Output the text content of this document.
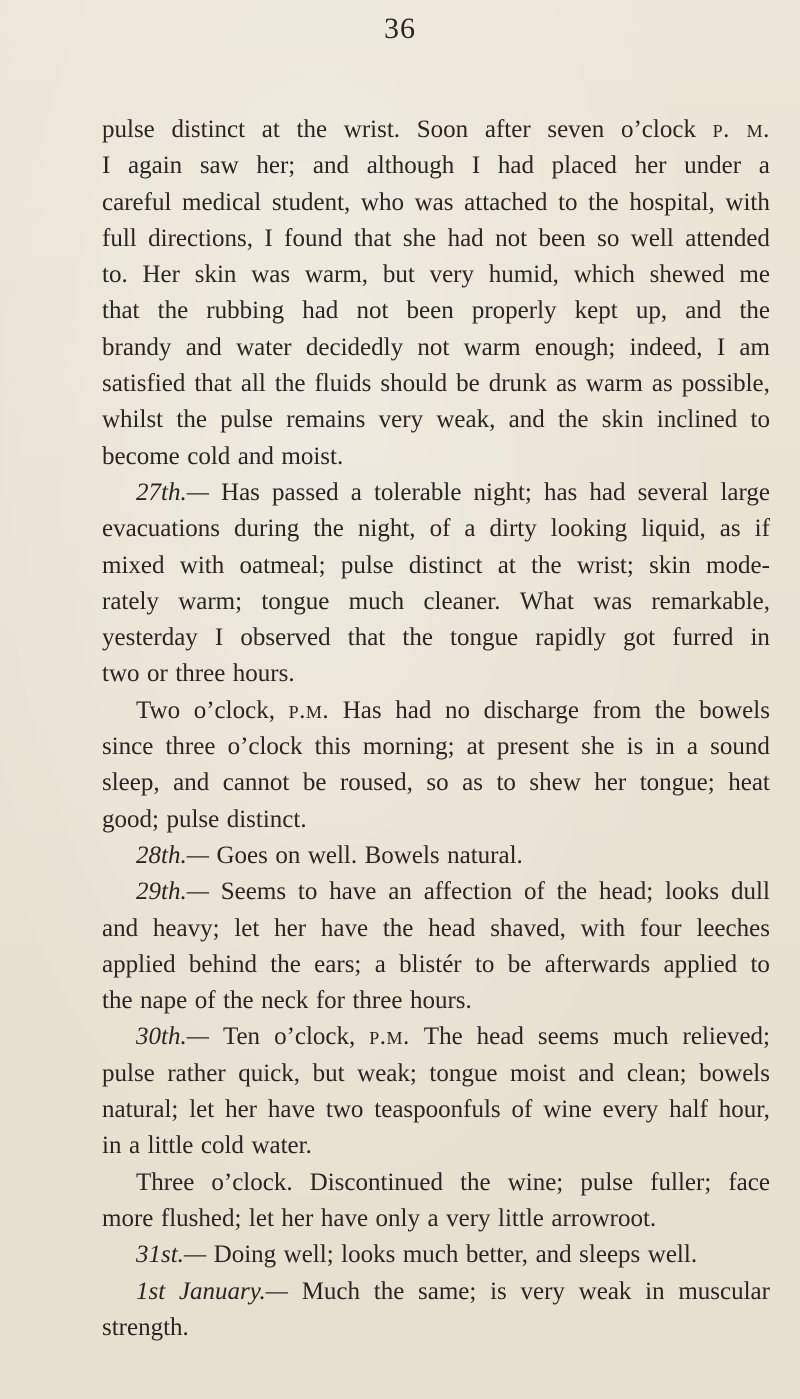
36
pulse distinct at the wrist. Soon after seven o’clock p. m.
I again saw her; and although I had placed her under a
careful medical student, who was attached to the hospital, with
full directions, I found that she had not been so well attended
to. Her skin was warm, but very humid, which shewed me
that the rubbing had not been properly kept up, and the
brandy and water decidedly not warm enough; indeed, I am
satisfied that all the fluids should be drunk as warm as possible,
whilst the pulse remains very weak, and the skin inclined to
become cold and moist.
27th.— Has passed a tolerable night; has had several large
evacuations during the night, of a dirty looking liquid, as if
mixed with oatmeal; pulse distinct at the wrist; skin mode-
rately warm; tongue much cleaner. What was remarkable,
yesterday I observed that the tongue rapidly got furred in
two or three hours.
Two o’clock, p.m. Has had no discharge from the bowels
since three o’clock this morning; at present she is in a sound
sleep, and cannot be roused, so as to shew her tongue; heat
good; pulse distinct.
28th.— Goes on well. Bowels natural.
29th.— Seems to have an affection of the head; looks dull
and heavy; let her have the head shaved, with four leeches
applied behind the ears; a blistér to be afterwards applied to
the nape of the neck for three hours.
30th.— Ten o’clock, p.m. The head seems much relieved;
pulse rather quick, but weak; tongue moist and clean; bowels
natural; let her have two teaspoonfuls of wine every half hour,
in a little cold water.
Three o’clock. Discontinued the wine; pulse fuller; face
more flushed; let her have only a very little arrowroot.
31st.— Doing well; looks much better, and sleeps well.
1st January.— Much the same; is very weak in muscular
strength.
